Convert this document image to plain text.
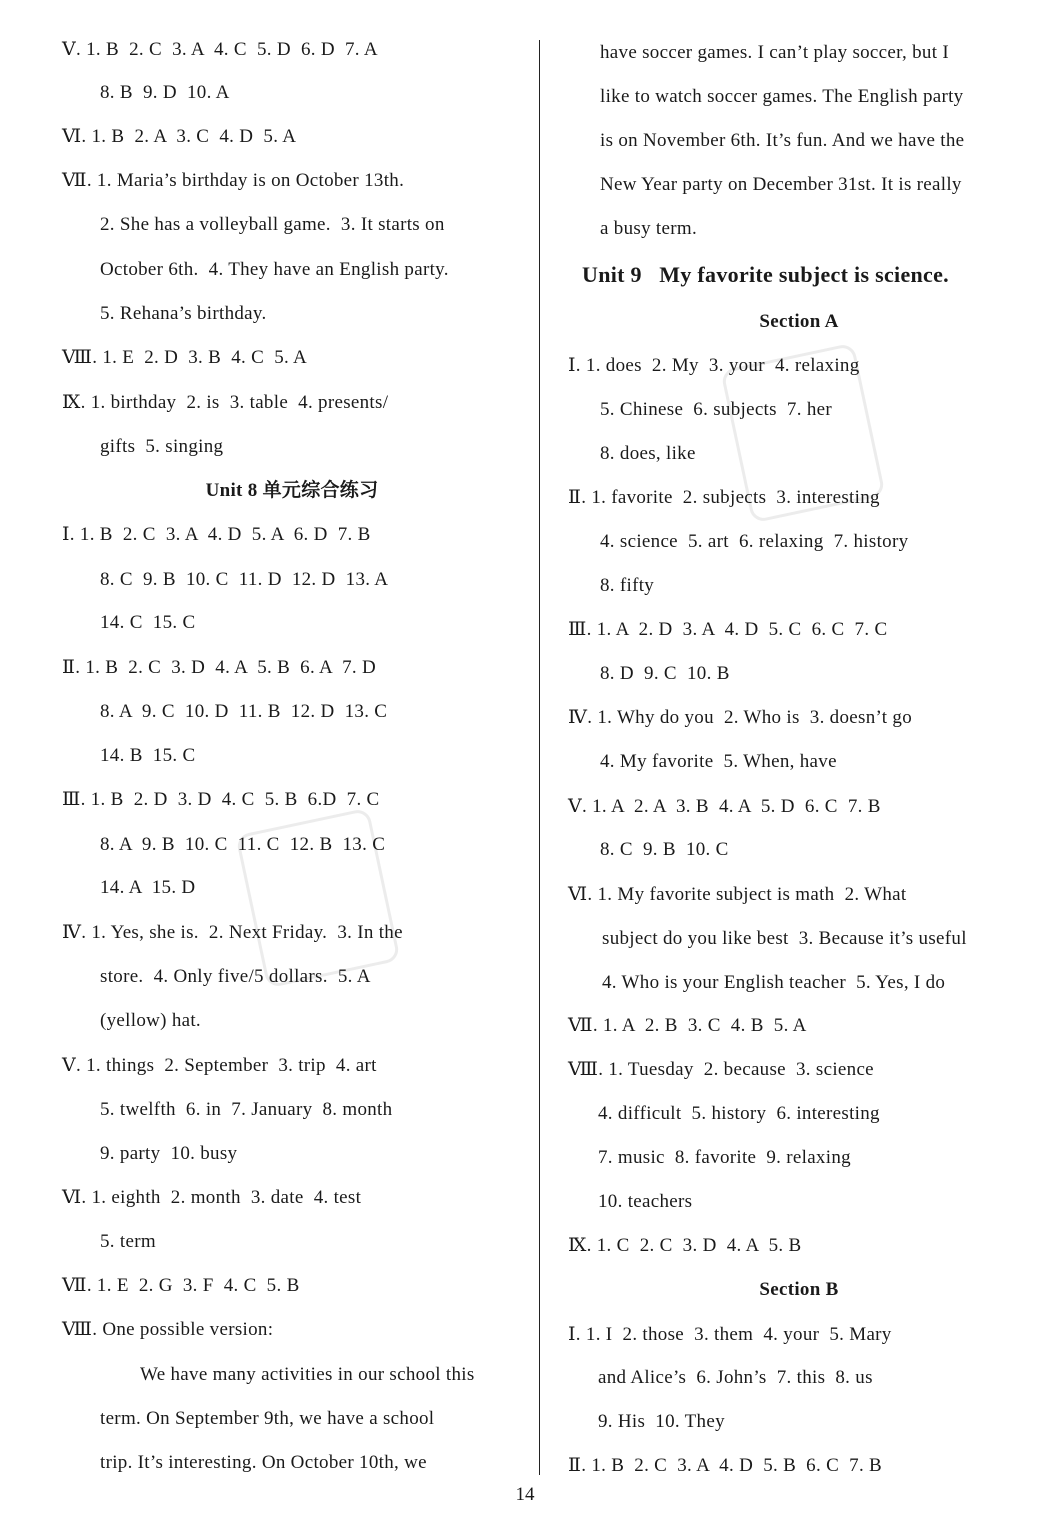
Ⅴ. 1. B  2. C  3. A  4. C  5. D  6. D  7. A
8. B  9. D  10. A
Ⅵ. 1. B  2. A  3. C  4. D  5. A
Ⅶ. 1. Maria’s birthday is on October 13th.
2. She has a volleyball game.  3. It starts on
October 6th.  4. They have an English party.
5. Rehana’s birthday.
Ⅷ. 1. E  2. D  3. B  4. C  5. A
Ⅸ. 1. birthday  2. is  3. table  4. presents/
gifts  5. singing
Unit 8 单元综合练习
Ⅰ. 1. B  2. C  3. A  4. D  5. A  6. D  7. B
8. C  9. B  10. C  11. D  12. D  13. A
14. C  15. C
Ⅱ. 1. B  2. C  3. D  4. A  5. B  6. A  7. D
8. A  9. C  10. D  11. B  12. D  13. C
14. B  15. C
Ⅲ. 1. B  2. D  3. D  4. C  5. B  6.D  7. C
8. A  9. B  10. C  11. C  12. B  13. C
14. A  15. D
Ⅳ. 1. Yes, she is.  2. Next Friday.  3. In the
store.  4. Only five/5 dollars.  5. A
(yellow) hat.
Ⅴ. 1. things  2. September  3. trip  4. art
5. twelfth  6. in  7. January  8. month
9. party  10. busy
Ⅵ. 1. eighth  2. month  3. date  4. test
5. term
Ⅶ. 1. E  2. G  3. F  4. C  5. B
Ⅷ. One possible version:
We have many activities in our school this
term. On September 9th, we have a school
trip. It’s interesting. On October 10th, we
have soccer games. I can’t play soccer, but I
like to watch soccer games. The English party
is on November 6th. It’s fun. And we have the
New Year party on December 31st. It is really
a busy term.
Unit 9   My favorite subject is science.
Section A
Ⅰ. 1. does  2. My  3. your  4. relaxing
5. Chinese  6. subjects  7. her
8. does, like
Ⅱ. 1. favorite  2. subjects  3. interesting
4. science  5. art  6. relaxing  7. history
8. fifty
Ⅲ. 1. A  2. D  3. A  4. D  5. C  6. C  7. C
8. D  9. C  10. B
Ⅳ. 1. Why do you  2. Who is  3. doesn’t go
4. My favorite  5. When, have
Ⅴ. 1. A  2. A  3. B  4. A  5. D  6. C  7. B
8. C  9. B  10. C
Ⅵ. 1. My favorite subject is math  2. What
subject do you like best  3. Because it’s useful
4. Who is your English teacher  5. Yes, I do
Ⅶ. 1. A  2. B  3. C  4. B  5. A
Ⅷ. 1. Tuesday  2. because  3. science
4. difficult  5. history  6. interesting
7. music  8. favorite  9. relaxing
10. teachers
Ⅸ. 1. C  2. C  3. D  4. A  5. B
Section B
Ⅰ. 1. I  2. those  3. them  4. your  5. Mary
and Alice’s  6. John’s  7. this  8. us
9. His  10. They
Ⅱ. 1. B  2. C  3. A  4. D  5. B  6. C  7. B
14
